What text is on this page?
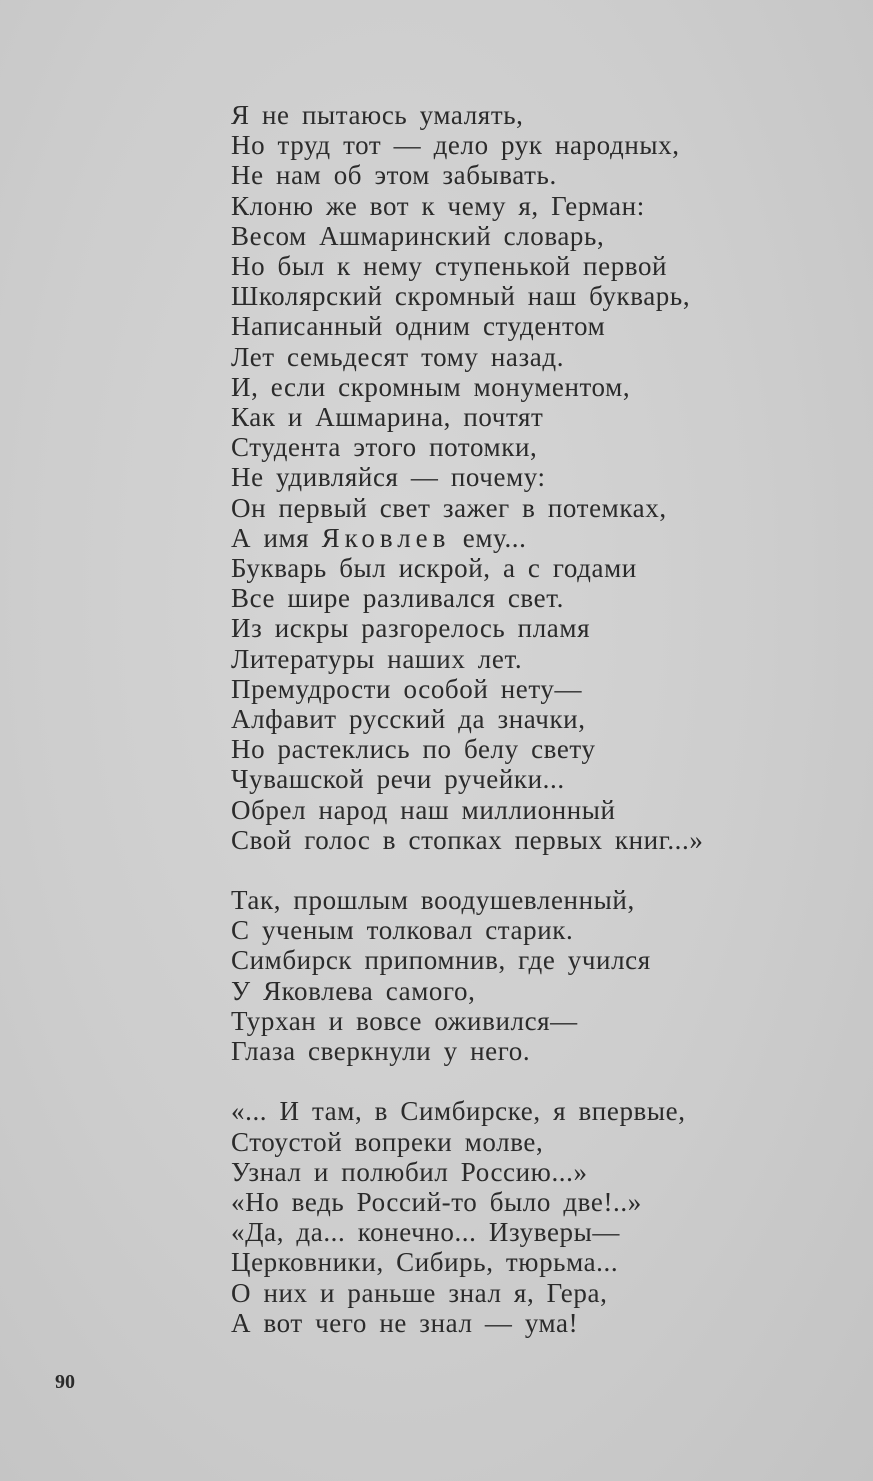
Я не пытаюсь умалять,
Но труд тот — дело рук народных,
Не нам об этом забывать.
Клоню же вот к чему я, Герман:
Весом Ашмаринский словарь,
Но был к нему ступенькой первой
Школярский скромный наш букварь,
Написанный одним студентом
Лет семьдесят тому назад.
И, если скромным монументом,
Как и Ашмарина, почтят
Студента этого потомки,
Не удивляйся — почему:
Он первый свет зажег в потемках,
А имя Яковлев ему...
Букварь был искрой, а с годами
Все шире разливался свет.
Из искры разгорелось пламя
Литературы наших лет.
Премудрости особой нету—
Алфавит русский да значки,
Но растеклись по белу свету
Чувашской речи ручейки...
Обрел народ наш миллионный
Свой голос в стопках первых книг...»

Так, прошлым воодушевленный,
С ученым толковал старик.
Симбирск припомнив, где учился
У Яковлева самого,
Турхан и вовсе оживился—
Глаза сверкнули у него.

«... И там, в Симбирске, я впервые,
Стоустой вопреки молве,
Узнал и полюбил Россию...»
«Но ведь Россий-то было две!..»
«Да, да... конечно... Изуверы—
Церковники, Сибирь, тюрьма...
О них и раньше знал я, Гера,
А вот чего не знал — ума!

90
